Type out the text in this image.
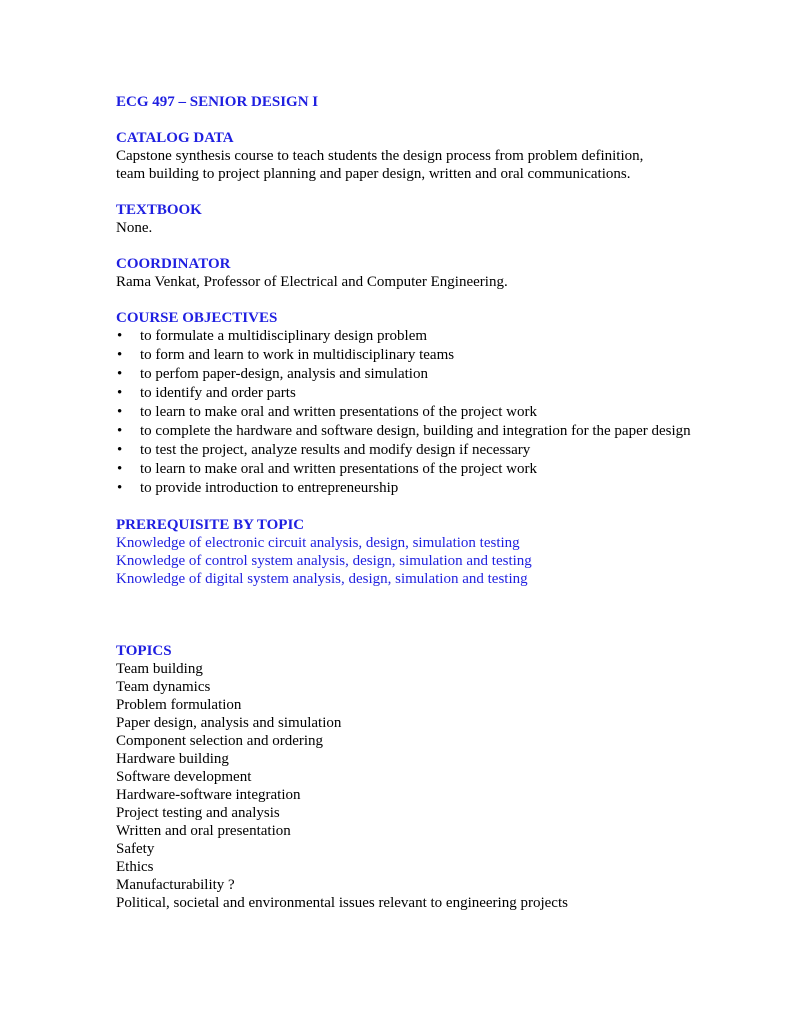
ECG 497 – SENIOR DESIGN I
CATALOG DATA
Capstone synthesis course to teach students the design process from problem definition,
team building to project planning and paper design, written and oral communications.
TEXTBOOK
None.
COORDINATOR
Rama Venkat, Professor of Electrical and Computer Engineering.
COURSE OBJECTIVES
• to formulate a multidisciplinary design problem
• to form and learn to work in multidisciplinary teams
• to perfom paper-design, analysis and simulation
• to identify and order parts
• to learn to make oral and written presentations of the project work
• to complete the hardware and software design, building and integration for the paper design
• to test the project, analyze results and modify design if necessary
• to learn to make oral and written presentations of the project work
• to provide introduction to entrepreneurship
PREREQUISITE BY TOPIC
Knowledge of electronic circuit analysis, design, simulation testing
Knowledge of control system analysis, design, simulation and testing
Knowledge of digital system analysis, design, simulation and testing
TOPICS
Team building
Team dynamics
Problem formulation
Paper design, analysis and simulation
Component selection and ordering
Hardware building
Software development
Hardware-software integration
Project testing and analysis
Written and oral presentation
Safety
Ethics
Manufacturability ?
Political, societal and environmental issues relevant to engineering projects
